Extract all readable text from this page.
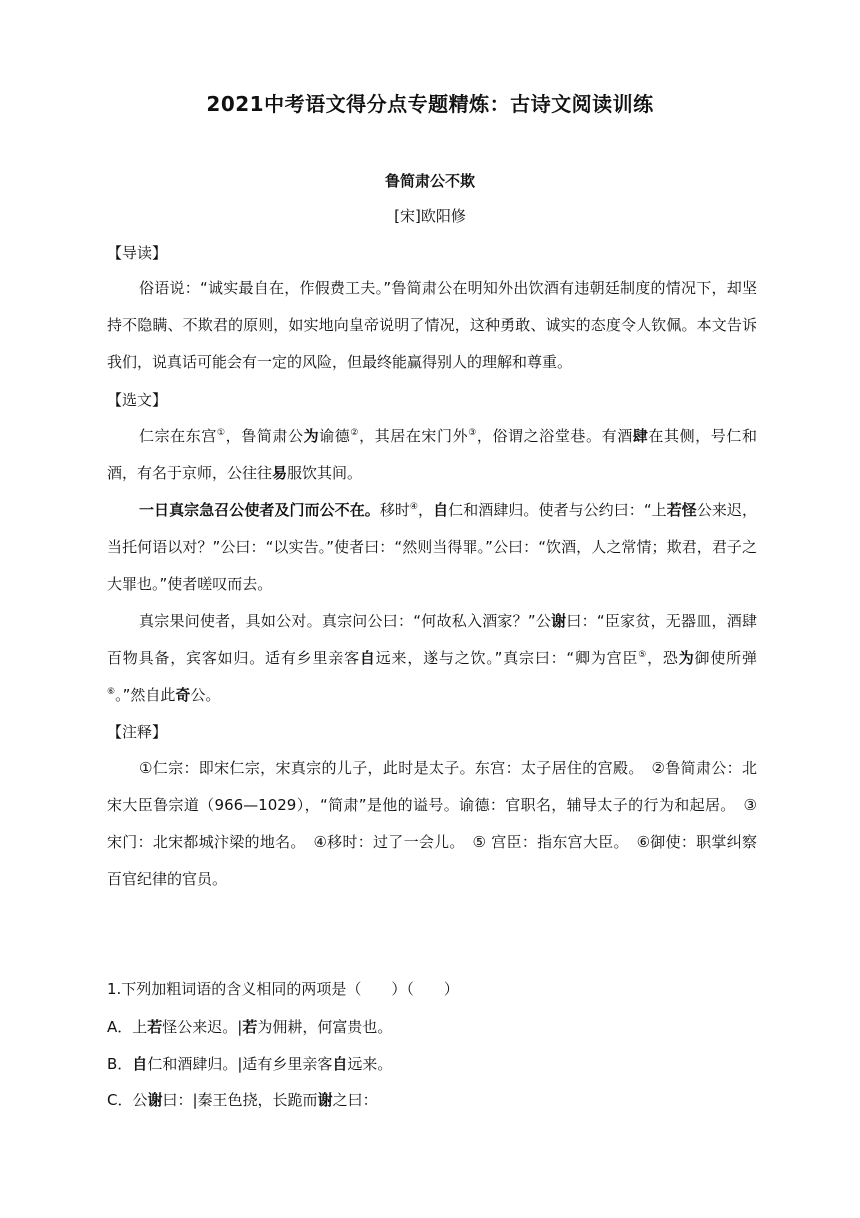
2021中考语文得分点专题精炼：古诗文阅读训练
鲁简肃公不欺
[宋]欧阳修
【导读】

俗语说：“诚实最自在，作假费工夫。”鲁简肃公在明知外出饮酒有违朝廷制度的情况下，却坚持不隐瞒、不欺君的原则，如实地向皇帝说明了情况，这种勇敢、诚实的态度令人钦佩。本文告诉我们，说真话可能会有一定的风险，但最终能赢得别人的理解和尊重。

【选文】

仁宗在东宫①，鲁简肃公为谕德②，其居在宋门外③，俗谓之浴堂巷。有酒肆在其侧，号仁和酒，有名于京师，公往往易服饮其间。

一日真宗急召公使者及门而公不在。移时④，自仁和酒肆归。使者与公约曰：“上若怪公来迟，当托何语以对？”公曰：“以实告。”使者曰：“然则当得罪。”公曰：“饮酒，人之常情；欺君，君子之大罪也。”使者嗟叹而去。

真宗果问使者，具如公对。真宗问公曰：“何故私入酒家？”公谢曰：“臣家贫，无器皿，酒肆百物具备，宾客如归。适有乡里亲客自远来，遂与之饮。”真宗曰：“卿为宫臣⑤，恐为御使所弹⑥。”然自此奇公。

【注释】

①仁宗：即宋仁宗，宋真宗的儿子，此时是太子。东宫：太子居住的宫殿。　②鲁简肃公：北宋大臣鲁宗道（966—1029），“简肃”是他的谥号。谕德：官职名，辅导太子的行为和起居。　③宋门：北宋都城汴梁的地名。　④移时：过了一会儿。　⑤ 宫臣：指东宫大臣。　⑥御使：职掌纠察百官纪律的官员。

1.下列加粗词语的含义相同的两项是（　　）（　　）
A．上若怪公来迟。|若为佣耕，何富贵也。
B．自仁和酒肆归。|适有乡里亲客自远来。
C．公谢曰：|秦王色挠，长跪而谢之曰：
